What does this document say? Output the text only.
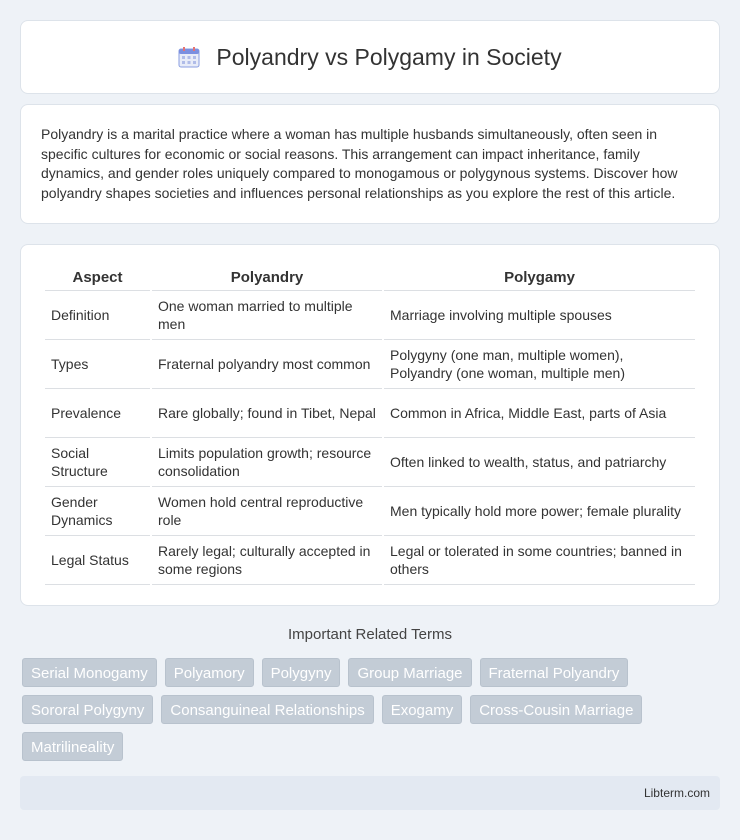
Polyandry vs Polygamy in Society

Polyandry is a marital practice where a woman has multiple husbands simultaneously, often seen in specific cultures for economic or social reasons. This arrangement can impact inheritance, family dynamics, and gender roles uniquely compared to monogamous or polygynous systems. Discover how polyandry shapes societies and influences personal relationships as you explore the rest of this article.

Aspect	Polyandry	Polygamy
Definition	One woman married to multiple men	Marriage involving multiple spouses
Types	Fraternal polyandry most common	Polygyny (one man, multiple women), Polyandry (one woman, multiple men)
Prevalence	Rare globally; found in Tibet, Nepal	Common in Africa, Middle East, parts of Asia
Social Structure	Limits population growth; resource consolidation	Often linked to wealth, status, and patriarchy
Gender Dynamics	Women hold central reproductive role	Men typically hold more power; female plurality
Legal Status	Rarely legal; culturally accepted in some regions	Legal or tolerated in some countries; banned in others
Important Related Terms
Serial Monogamy	Polyamory	Polygyny	Group Marriage	Fraternal Polyandry
Sororal Polygyny	Consanguineal Relationships	Exogamy	Cross-Cousin Marriage
Matrilineality
Libterm.com
